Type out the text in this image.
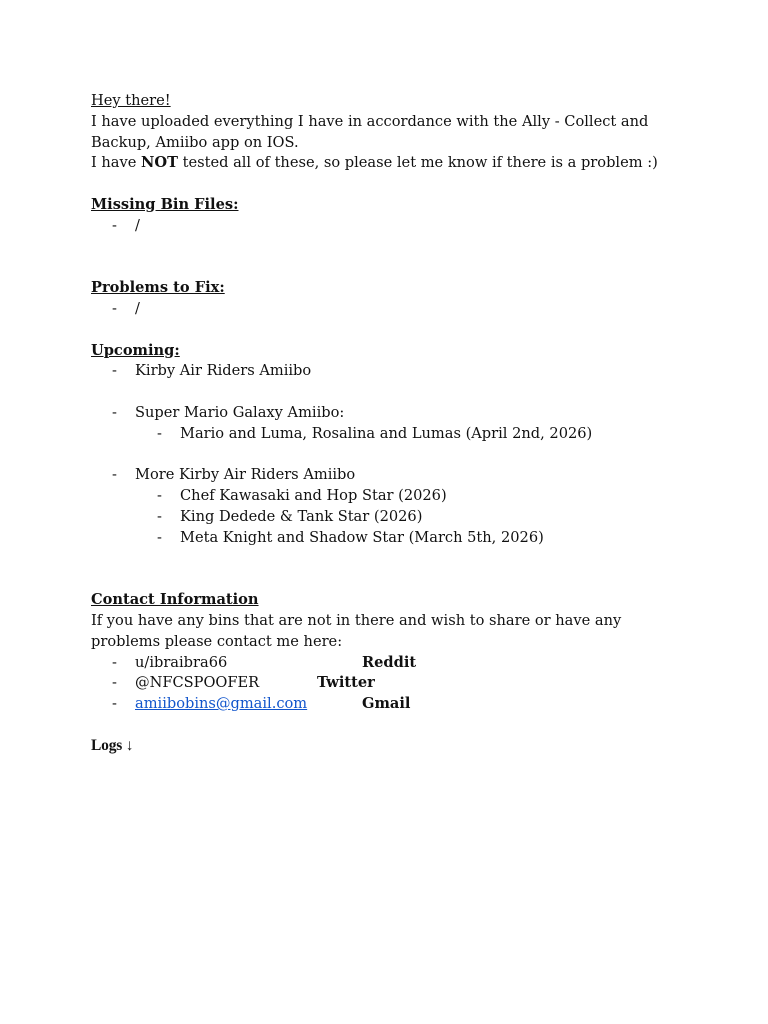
Hey there!
I have uploaded everything I have in accordance with the Ally - Collect and
Backup, Amiibo app on IOS.
I have NOT tested all of these, so please let me know if there is a problem :)
Missing Bin Files:
- /
Problems to Fix:
- /
Upcoming:
- Kirby Air Riders Amiibo
- Super Mario Galaxy Amiibo:
- Mario and Luma, Rosalina and Lumas (April 2nd, 2026)
- More Kirby Air Riders Amiibo
- Chef Kawasaki and Hop Star (2026)
- King Dedede & Tank Star (2026)
- Meta Knight and Shadow Star (March 5th, 2026)
Contact Information
If you have any bins that are not in there and wish to share or have any
problems please contact me here:
- u/ibraibra66	Reddit
- @NFCSPOOFER	Twitter
- amiibobins@gmail.com	Gmail
Logs ↓
